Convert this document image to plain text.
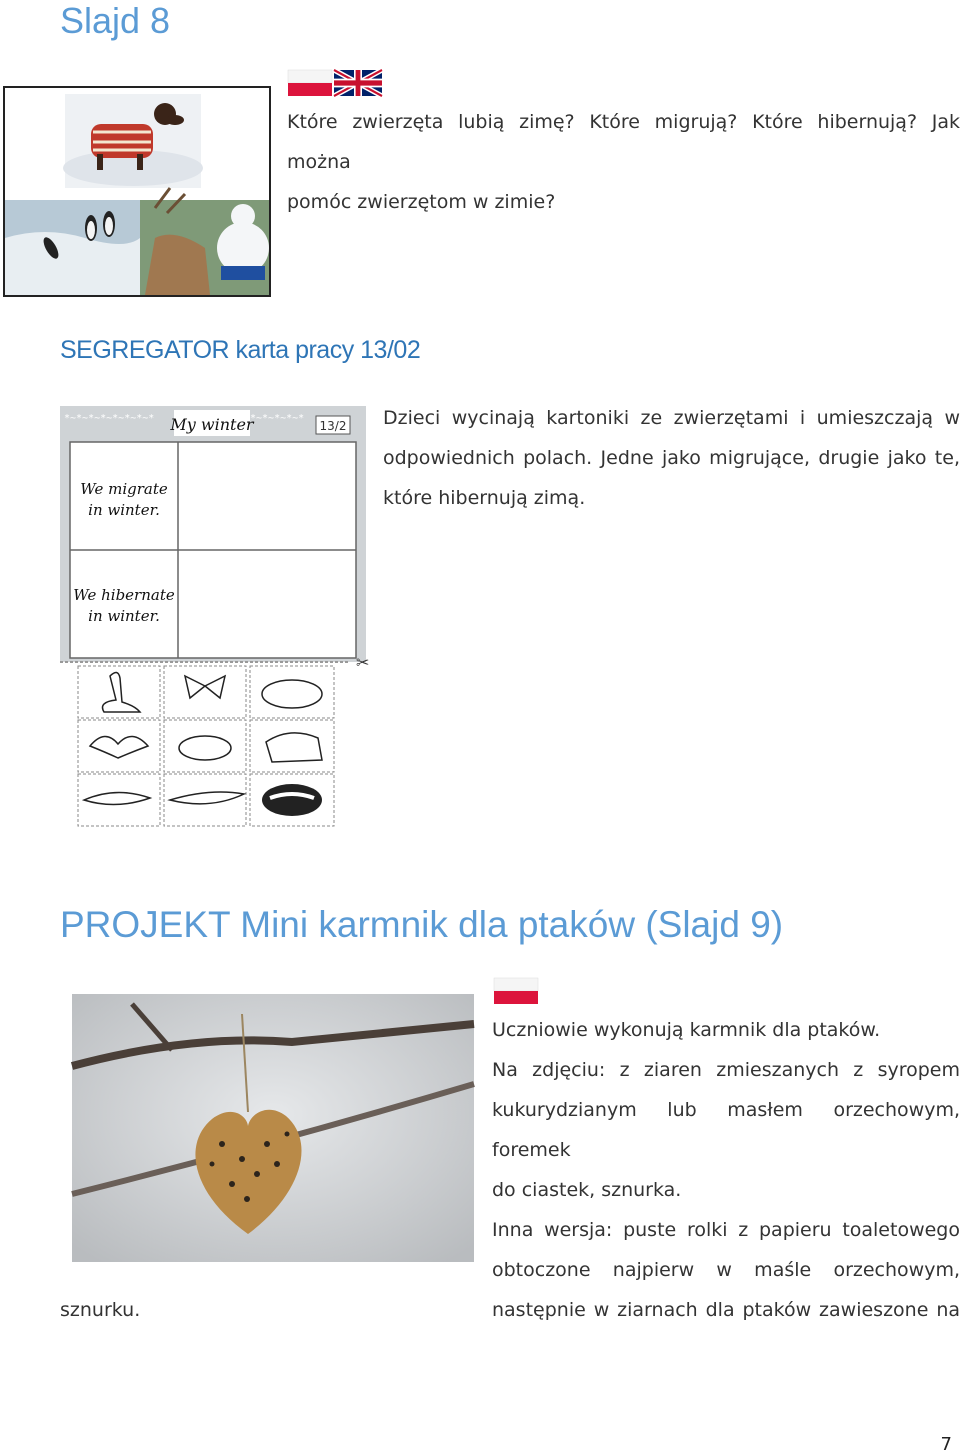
Slajd 8

Które zwierzęta lubią zimę? Które migrują? Które hibernują? Jak można

pomóc zwierzętom w zimie?

SEGREGATOR karta pracy 13/02
*~*~*~*~*~*~*~*	*~*~*~*~*
My winter	13/2
We migrate
in winter.
We hibernate
in winter.
✂

Dzieci wycinają kartoniki ze zwierzętami i umieszczają w

odpowiednich polach. Jedne jako migrujące, drugie jako te,

które hibernują zimą.

PROJEKT Mini karmnik dla ptaków (Slajd 9)

Uczniowie wykonują karmnik dla ptaków.

Na zdjęciu: z ziaren zmieszanych z syropem

kukurydzianym lub masłem orzechowym, foremek

do ciastek, sznurka.

Inna wersja: puste rolki z papieru toaletowego

obtoczone najpierw w maśle orzechowym,

następnie w ziarnach dla ptaków zawieszone na

sznurku.
7
